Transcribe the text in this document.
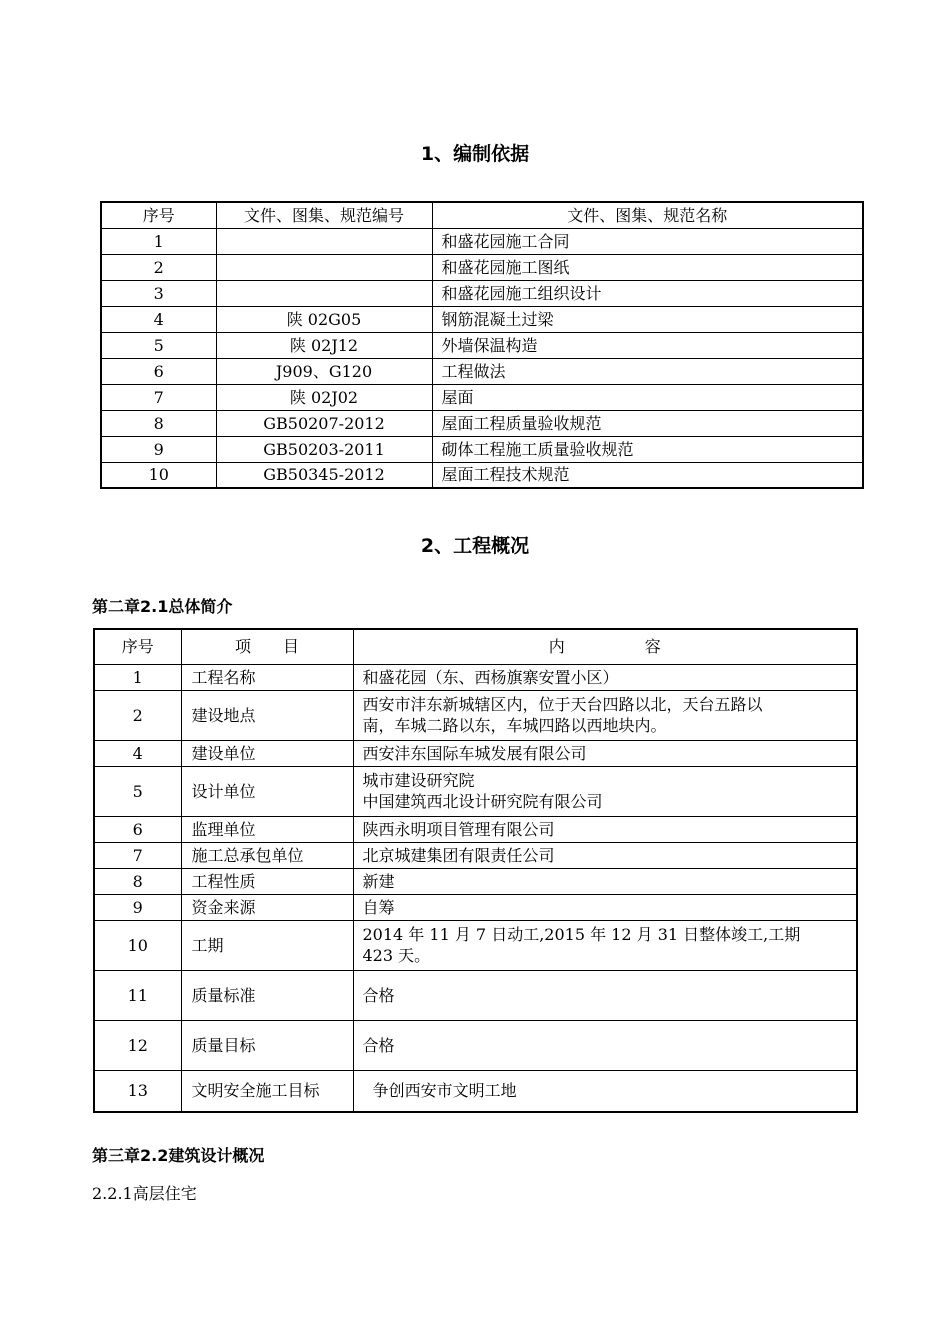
1、编制依据
序号	文件、图集、规范编号	文件、图集、规范名称
1		和盛花园施工合同
2		和盛花园施工图纸
3		和盛花园施工组织设计
4	陕 02G05	钢筋混凝土过梁
5	陕 02J12	外墙保温构造
6	J909、G120	工程做法
7	陕 02J02	屋面
8	GB50207-2012	屋面工程质量验收规范
9	GB50203-2011	砌体工程施工质量验收规范
10	GB50345-2012	屋面工程技术规范
2、工程概况
第二章2.1总体简介
序号	项　　目	内　　　　　容
1	工程名称	和盛花园（东、西杨旗寨安置小区）

2	建设地点	西安市沣东新城辖区内，位于天台四路以北，天台五路以
南，车城二路以东，车城四路以西地块内。

4	建设单位	西安沣东国际车城发展有限公司

5	设计单位	城市建设研究院
中国建筑西北设计研究院有限公司

6	监理单位	陕西永明项目管理有限公司

7	施工总承包单位	北京城建集团有限责任公司

8	工程性质	新建

9	资金来源	自筹

10	工期	2014 年 11 月 7 日动工,2015 年 12 月 31 日整体竣工,工期
423 天。

11	质量标准	合格

12	质量目标	合格

13	文明安全施工目标	争创西安市文明工地
第三章2.2建筑设计概况
2.2.1高层住宅
